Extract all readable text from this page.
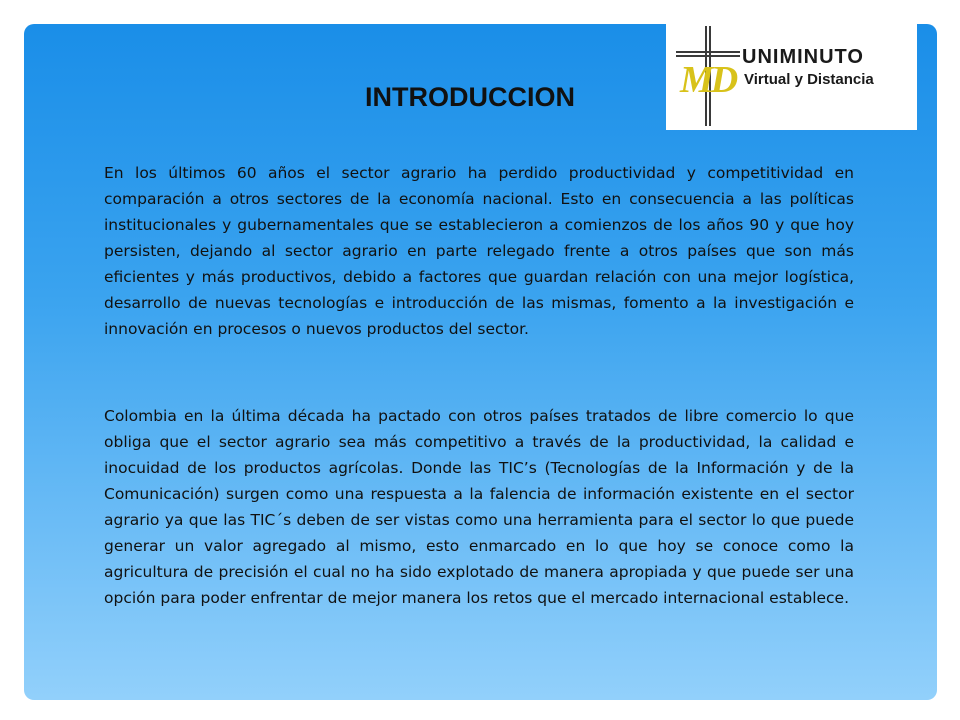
MD
UNIMINUTO
Virtual y Distancia
INTRODUCCION

En los últimos 60 años el sector agrario ha perdido productividad y competitividad en comparación a otros sectores de la economía nacional. Esto en consecuencia a las políticas institucionales y gubernamentales que se establecieron a comienzos de los años 90 y que hoy persisten, dejando al sector agrario en parte relegado frente a otros países que son más eficientes y más productivos, debido a factores que guardan relación con una mejor logística, desarrollo de nuevas tecnologías e introducción de las mismas, fomento a la investigación e innovación en procesos o nuevos productos del sector.

Colombia en la última década ha pactado con otros países tratados de libre comercio lo que obliga que el sector agrario sea más competitivo a través de la productividad, la calidad e inocuidad de los productos agrícolas. Donde las TIC’s (Tecnologías de la Información y de la Comunicación) surgen como una respuesta a la falencia de información existente en el sector agrario ya que las TIC´s deben de ser vistas como una herramienta para el sector lo que puede generar un valor agregado al mismo, esto enmarcado en lo que hoy se conoce como la agricultura de precisión el cual no ha sido explotado de manera apropiada y que puede ser una opción para poder enfrentar de mejor manera los retos que el mercado internacional establece.
